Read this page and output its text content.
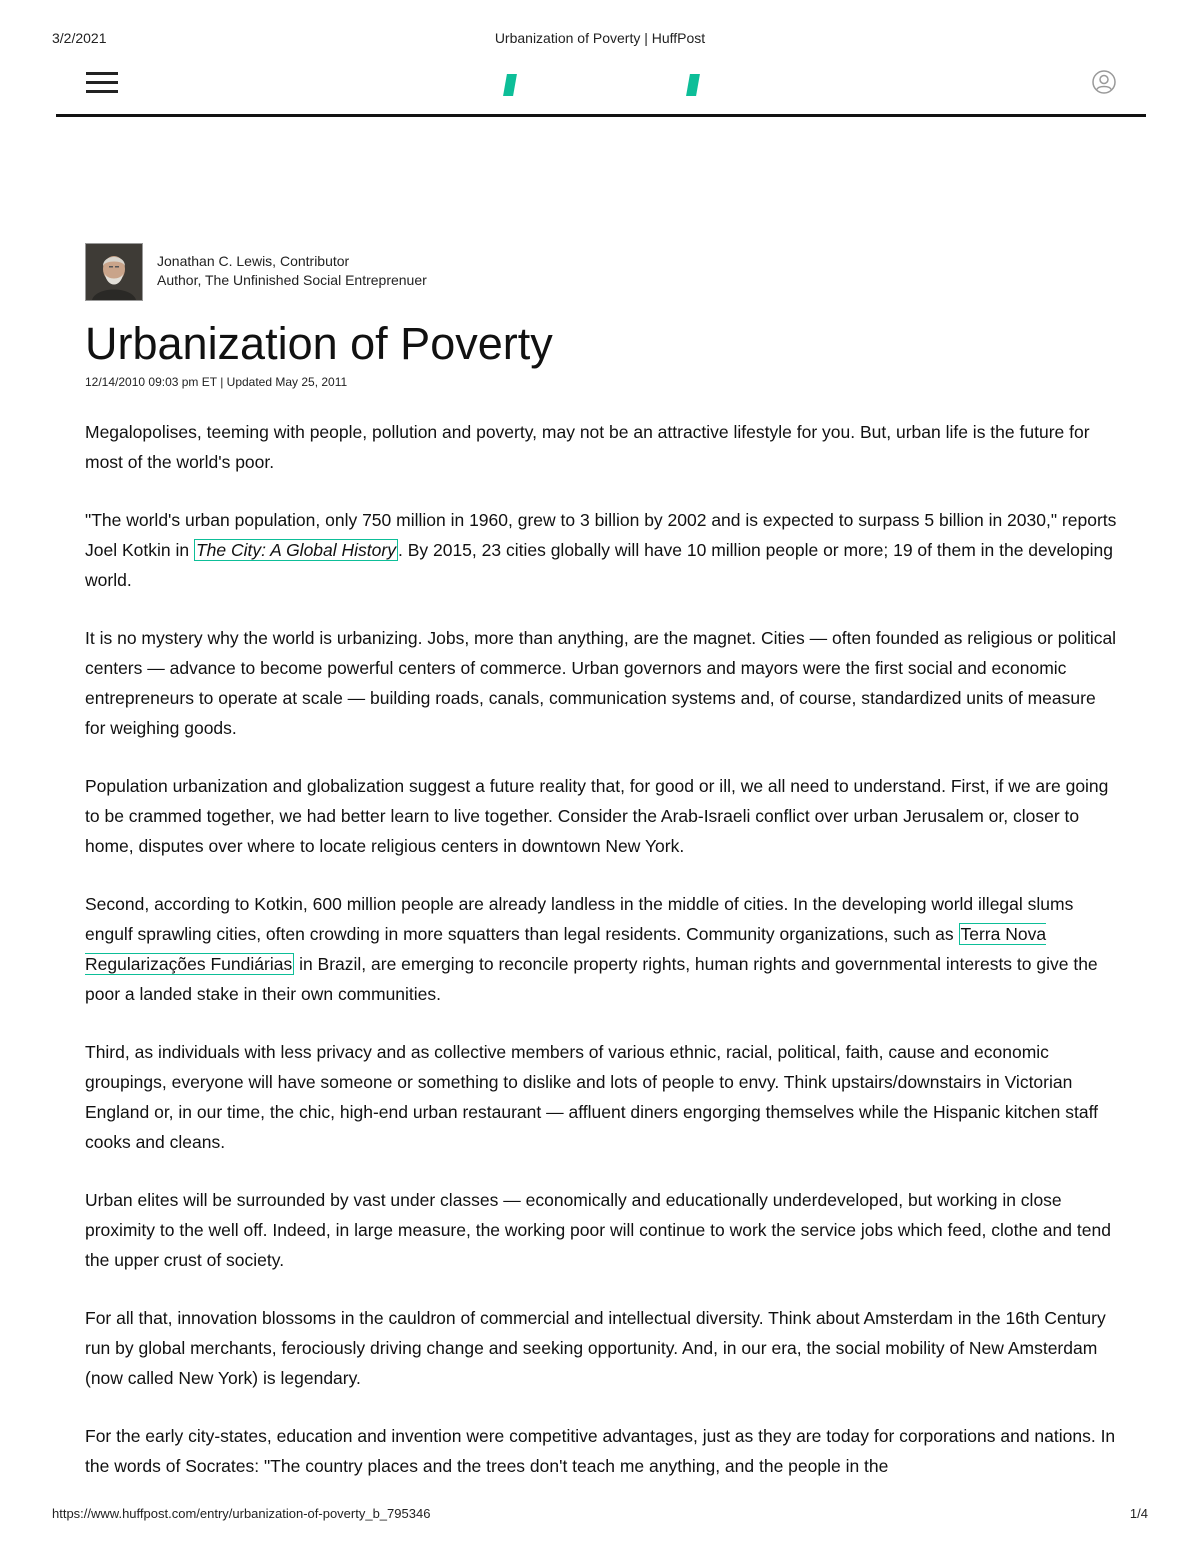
3/2/2021	Urbanization of Poverty | HuffPost
Jonathan C. Lewis, Contributor
Author, The Unfinished Social Entreprenuer
Urbanization of Poverty
12/14/2010 09:03 pm ET | Updated May 25, 2011

Megalopolises, teeming with people, pollution and poverty, may not be an attractive lifestyle for you. But, urban life is the future for most of the world's poor.

"The world's urban population, only 750 million in 1960, grew to 3 billion by 2002 and is expected to surpass 5 billion in 2030," reports Joel Kotkin in The City: A Global History . By 2015, 23 cities globally will have 10 million people or more; 19 of them in the developing world.

It is no mystery why the world is urbanizing. Jobs, more than anything, are the magnet. Cities — often founded as religious or political centers — advance to become powerful centers of commerce. Urban governors and mayors were the first social and economic entrepreneurs to operate at scale — building roads, canals, communication systems and, of course, standardized units of measure for weighing goods.

Population urbanization and globalization suggest a future reality that, for good or ill, we all need to understand. First, if we are going to be crammed together, we had better learn to live together. Consider the Arab-Israeli conflict over urban Jerusalem or, closer to home, disputes over where to locate religious centers in downtown New York.

Second, according to Kotkin, 600 million people are already landless in the middle of cities. In the developing world illegal slums engulf sprawling cities, often crowding in more squatters than legal residents. Community organizations, such as Terra Nova Regularizações Fundiárias in Brazil, are emerging to reconcile property rights, human rights and governmental interests to give the poor a landed stake in their own communities.

Third, as individuals with less privacy and as collective members of various ethnic, racial, political, faith, cause and economic groupings, everyone will have someone or something to dislike and lots of people to envy. Think upstairs/downstairs in Victorian England or, in our time, the chic, high-end urban restaurant — affluent diners engorging themselves while the Hispanic kitchen staff cooks and cleans.

Urban elites will be surrounded by vast under classes — economically and educationally underdeveloped, but working in close proximity to the well off. Indeed, in large measure, the working poor will continue to work the service jobs which feed, clothe and tend the upper crust of society.

For all that, innovation blossoms in the cauldron of commercial and intellectual diversity. Think about Amsterdam in the 16th Century run by global merchants, ferociously driving change and seeking opportunity. And, in our era, the social mobility of New Amsterdam (now called New York) is legendary.

For the early city-states, education and invention were competitive advantages, just as they are today for corporations and nations. In the words of Socrates: "The country places and the trees don't teach me anything, and the people in the

https://www.huffpost.com/entry/urbanization-of-poverty_b_795346	1/4
